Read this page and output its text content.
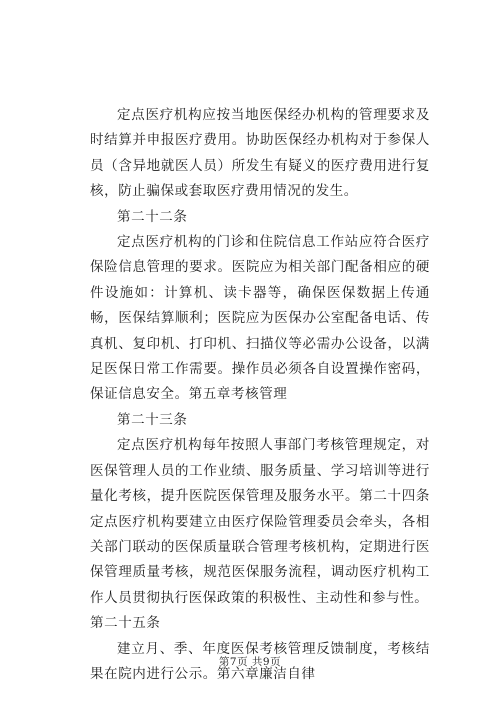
定点医疗机构应按当地医保经办机构的管理要求及时结算并申报医疗费用。协助医保经办机构对于参保人员（含异地就医人员）所发生有疑义的医疗费用进行复核，防止骗保或套取医疗费用情况的发生。

第二十二条

定点医疗机构的门诊和住院信息工作站应符合医疗保险信息管理的要求。医院应为相关部门配备相应的硬件设施如：计算机、读卡器等，确保医保数据上传通畅，医保结算顺利；医院应为医保办公室配备电话、传真机、复印机、打印机、扫描仪等必需办公设备，以满足医保日常工作需要。操作员必须各自设置操作密码，保证信息安全。第五章考核管理

第二十三条

定点医疗机构每年按照人事部门考核管理规定，对医保管理人员的工作业绩、服务质量、学习培训等进行量化考核，提升医院医保管理及服务水平。第二十四条定点医疗机构要建立由医疗保险管理委员会牵头，各相关部门联动的医保质量联合管理考核机构，定期进行医保管理质量考核，规范医保服务流程，调动医疗机构工作人员贯彻执行医保政策的积极性、主动性和参与性。

第二十五条

建立月、季、年度医保考核管理反馈制度，考核结果在院内进行公示。第六章廉洁自律

第7页 共9页
